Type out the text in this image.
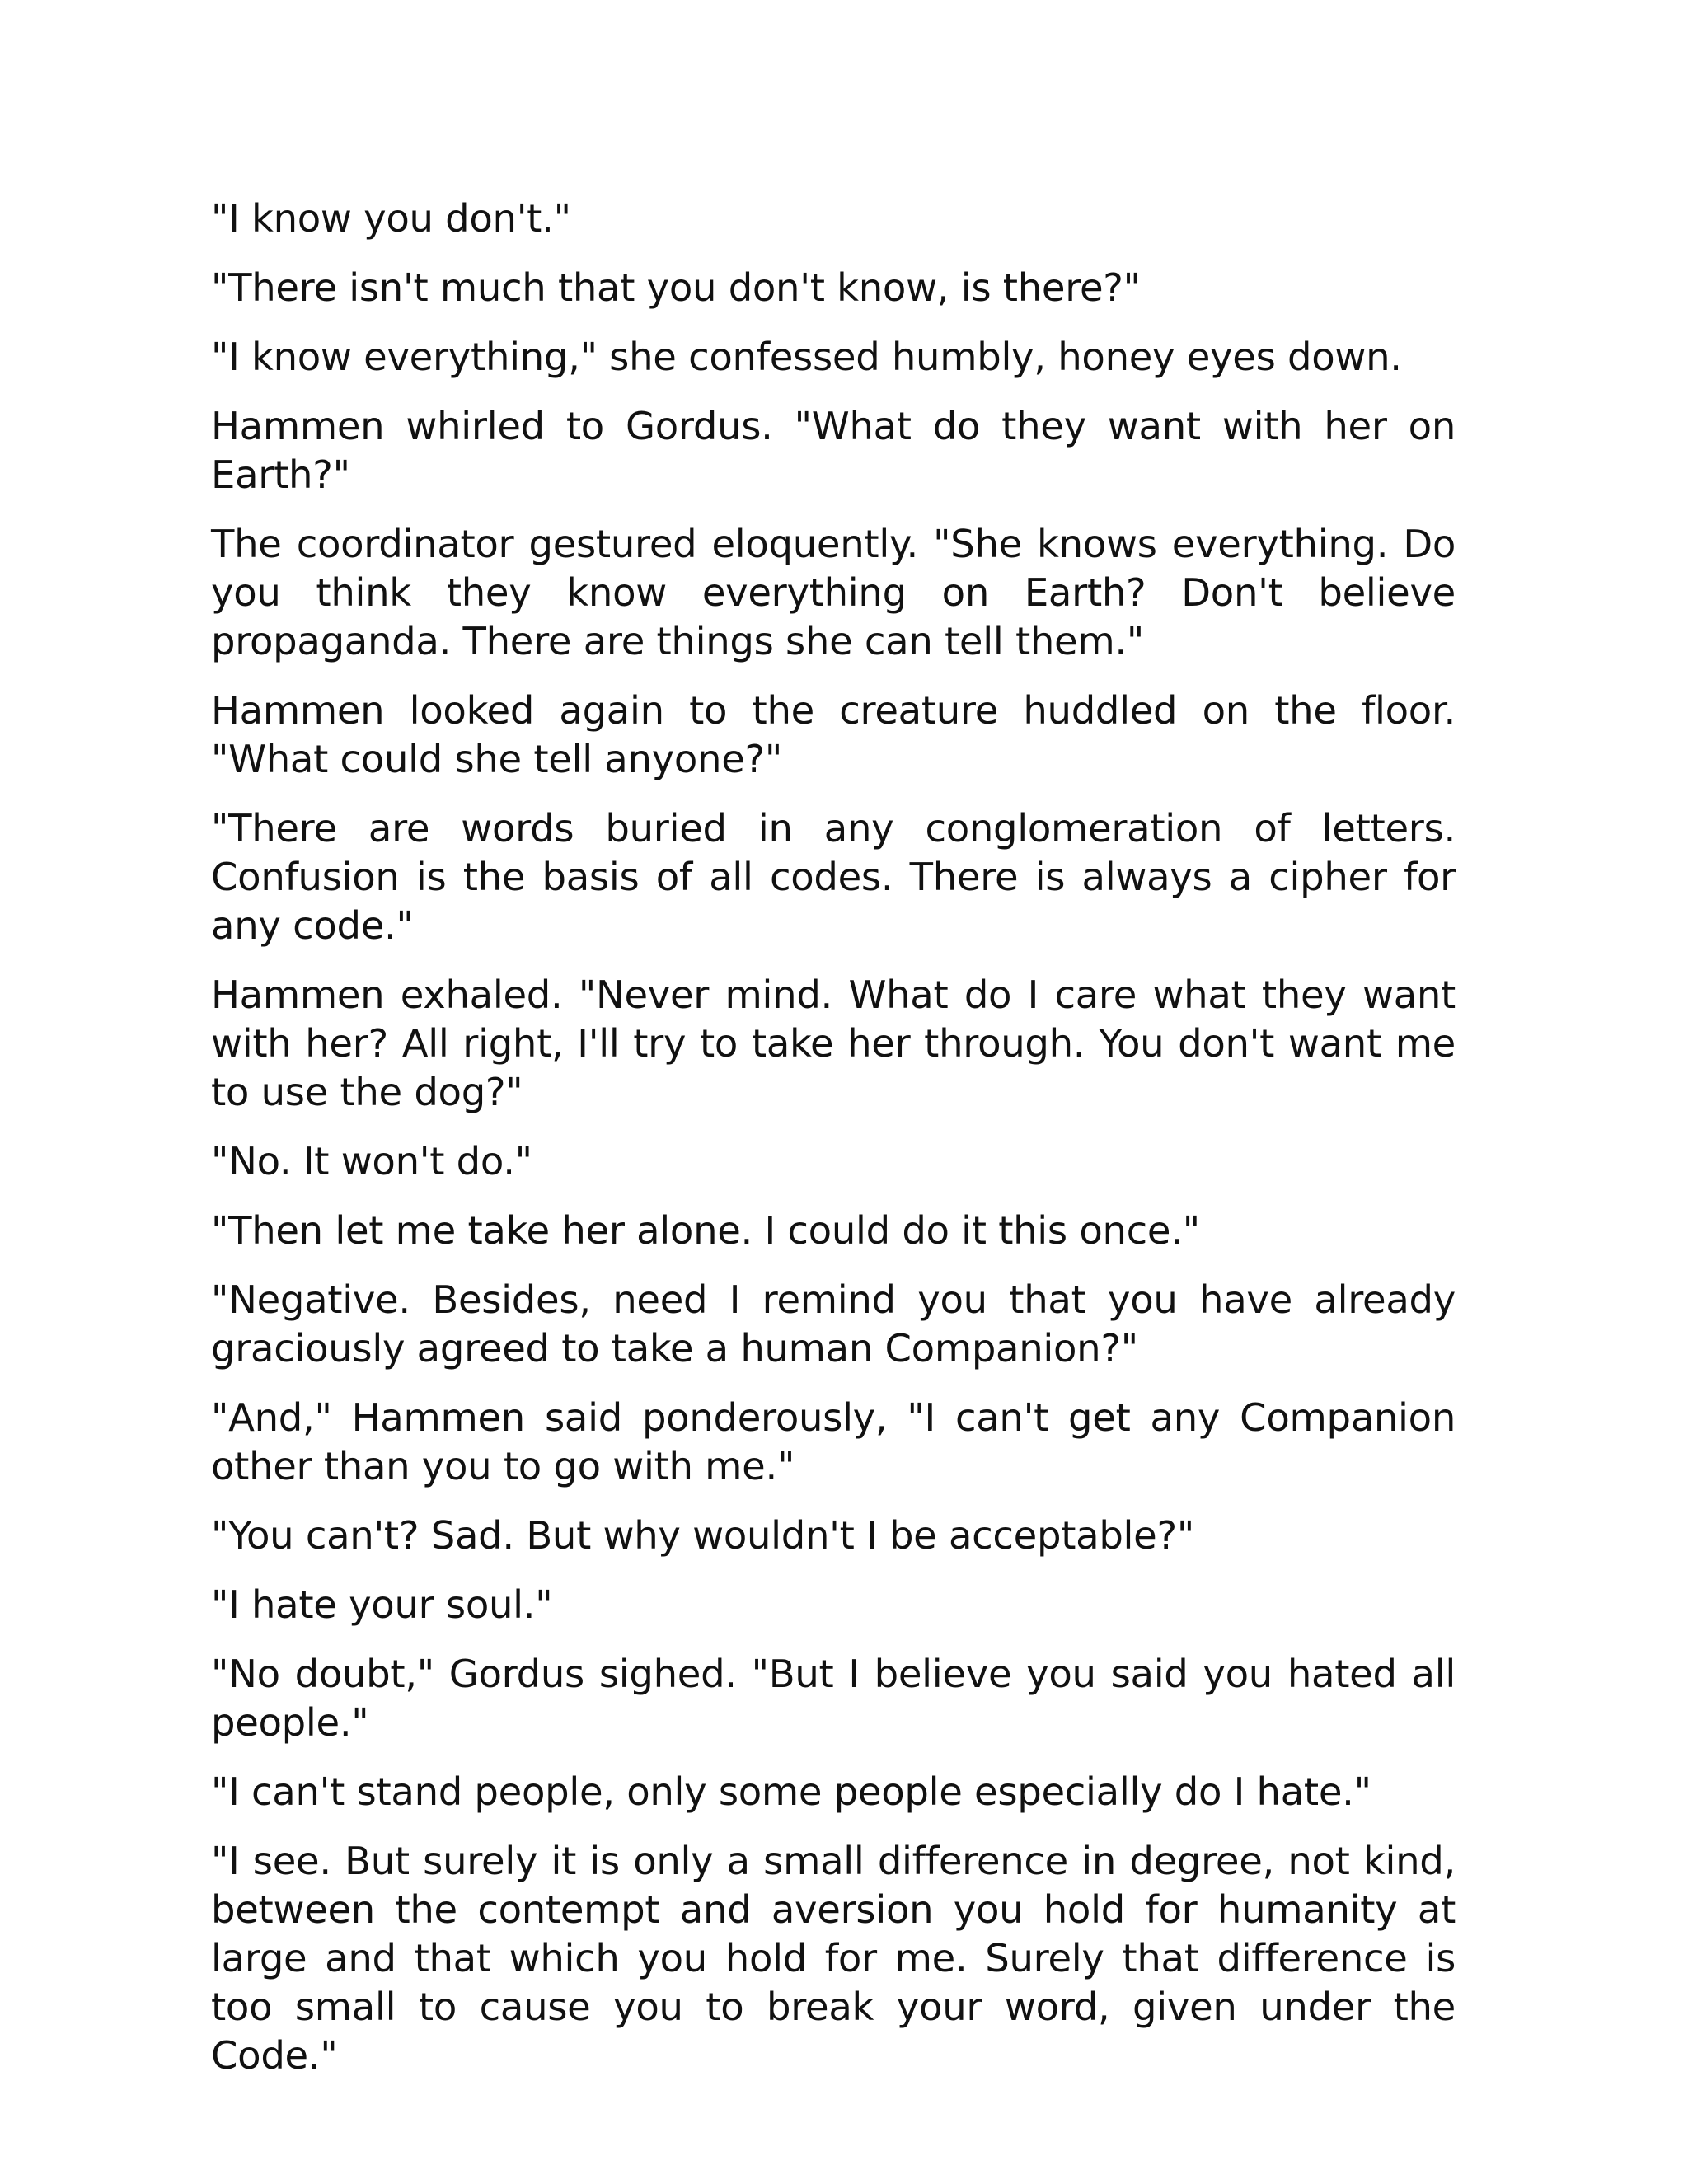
"I know you don't."

"There isn't much that you don't know, is there?"

"I know everything," she confessed humbly, honey eyes down.

Hammen whirled to Gordus. "What do they want with her on Earth?"

The coordinator gestured eloquently. "She knows everything. Do you think they know everything on Earth? Don't believe propaganda. There are things she can tell them."

Hammen looked again to the creature huddled on the floor. "What could she tell anyone?"

"There are words buried in any conglomeration of letters. Confusion is the basis of all codes. There is always a cipher for any code."

Hammen exhaled. "Never mind. What do I care what they want with her? All right, I'll try to take her through. You don't want me to use the dog?"

"No. It won't do."

"Then let me take her alone. I could do it this once."

"Negative. Besides, need I remind you that you have already graciously agreed to take a human Companion?"

"And," Hammen said ponderously, "I can't get any Companion other than you to go with me."

"You can't? Sad. But why wouldn't I be acceptable?"

"I hate your soul."

"No doubt," Gordus sighed. "But I believe you said you hated all people."

"I can't stand people, only some people especially do I hate."

"I see. But surely it is only a small difference in degree, not kind, between the contempt and aversion you hold for humanity at large and that which you hold for me. Surely that difference is too small to cause you to break your word, given under the Code."
